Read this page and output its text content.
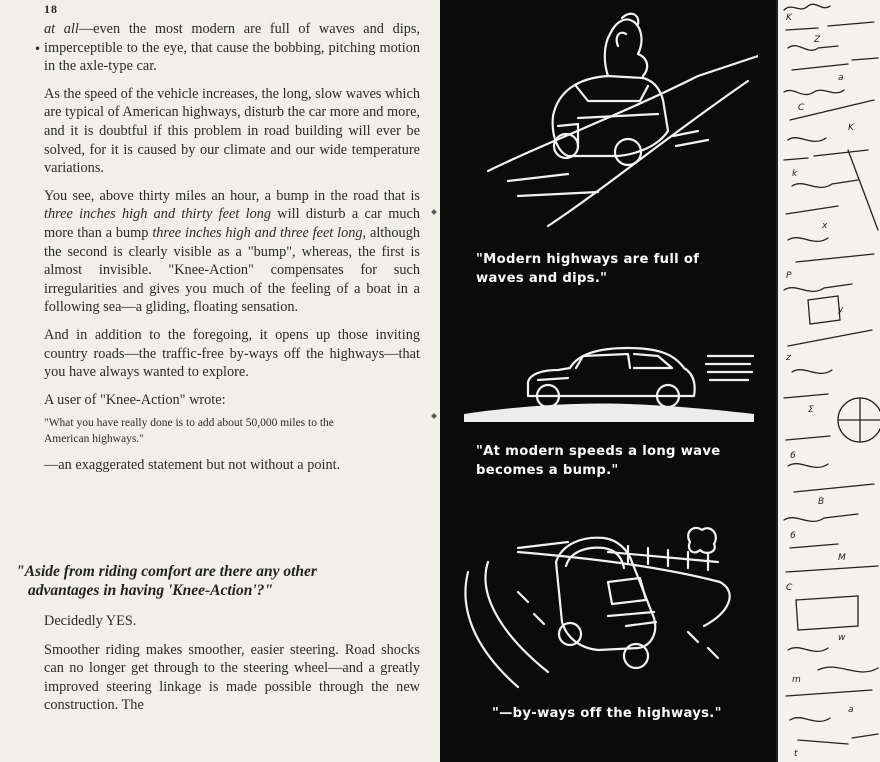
18
•

at all—even the most modern are full of waves and dips, imperceptible to the eye, that cause the bobbing, pitching motion in the axle-type car.

As the speed of the vehicle increases, the long, slow waves which are typical of American highways, disturb the car more and more, and it is doubtful if this problem in road building will ever be solved, for it is caused by our climate and our wide temperature variations.

You see, above thirty miles an hour, a bump in the road that is three inches high and thirty feet long will disturb a car much more than a bump three inches high and three feet long, although the second is clearly visible as a "bump", whereas, the first is almost invisible. "Knee-Action" compensates for such irregularities and gives you much of the feeling of a boat in a following sea—a gliding, floating sensation.

And in addition to the foregoing, it opens up those inviting country roads—the traffic-free by-ways off the highways—that you have always wanted to explore.

A user of "Knee-Action" wrote:

"What you have really done is to add about 50,000 miles to the American highways."

—an exaggerated statement but not without a point.

"Aside from riding comfort are there any other
advantages in having 'Knee-Action'?"

Decidedly YES.

Smoother riding makes smoother, easier steering. Road shocks can no longer get through to the steering wheel—and a greatly improved steering linkage is made possible through the new construction. The

"Modern highways are full of waves and dips."
"At modern speeds a long wave becomes a bump."
"—by-ways off the highways."
K
Z
a
C
K
k
x
P
y
z
Σ
6
B
6
M
C
w
m
a
t
